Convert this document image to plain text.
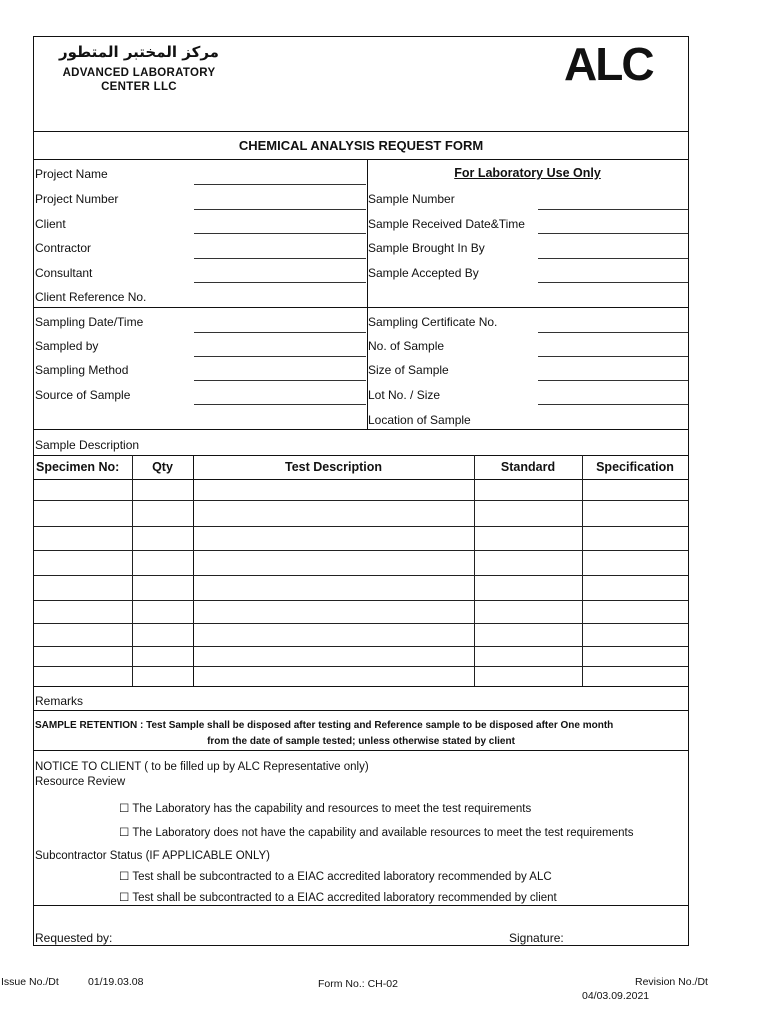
مركز المختبر المتطور
ADVANCED LABORATORY
CENTER LLC	ALC
CHEMICAL ANALYSIS REQUEST FORM
For Laboratory Use Only
Project Name
Project Number
Client
Contractor
Consultant
Client Reference No.
Sample Number
Sample Received Date&Time
Sample Brought In By
Sample Accepted By
Sampling Date/Time
Sampled by
Sampling Method
Source of Sample
Sampling Certificate No.
No. of Sample
Size of Sample
Lot No. / Size
Location of Sample
Sample Description
Specimen No:	Qty	Test Description	Standard	Specification
Remarks
SAMPLE RETENTION : Test Sample shall be disposed after testing and Reference sample to be disposed after One month
from the date of sample tested; unless otherwise stated by client
NOTICE TO CLIENT ( to be filled up by ALC Representative only)
Resource Review
☐ The Laboratory has the capability and resources to meet the test requirements
☐ The Laboratory does not have the capability and available resources to meet the test requirements
Subcontractor Status (IF APPLICABLE ONLY)
☐ Test shall be subcontracted to a EIAC accredited laboratory recommended by ALC
☐ Test shall be subcontracted to a EIAC accredited laboratory recommended by client
Requested by:	Signature:
Issue No./Dt	01/19.03.08	Form No.: CH-02	Revision No./Dt
04/03.09.2021
